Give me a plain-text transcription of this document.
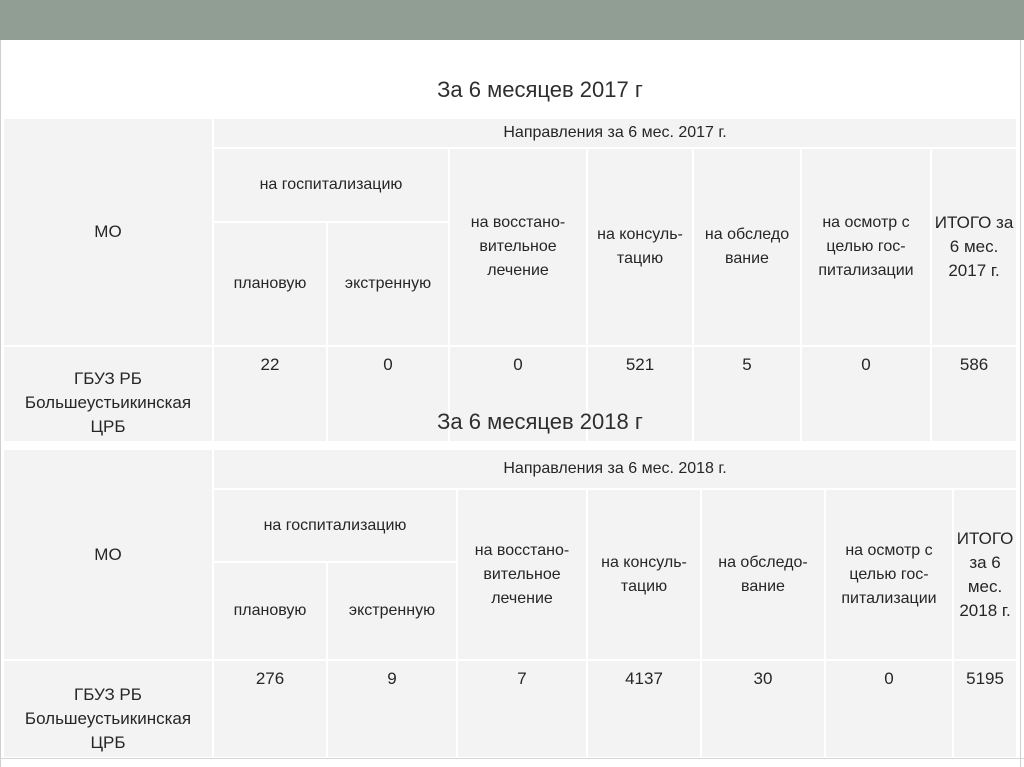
За 6 месяцев 2017 г
МО	Направления за 6 мес. 2017 г.						
	на госпитализацию		на восстано-вительное лечение	на консуль-тацию	на обследо вание	на осмотр с целью гос-питализации	ИТОГО за 6 мес. 2017 г.
	плановую	экстренную					
ГБУЗ РБ Большеустьикинская ЦРБ	22	0	0	521	5	0	586
МО	Направления за 6 мес. 2018 г.						
	на госпитализацию		на восстано-вительное лечение	на консуль-тацию	на обследо-вание	на осмотр с целью гос-питализации	ИТОГО за 6 мес. 2018 г.
	плановую	экстренную					
ГБУЗ РБ Большеустьикинская ЦРБ	276	9	7	4137	30	0	5195
За 6 месяцев 2018 г
